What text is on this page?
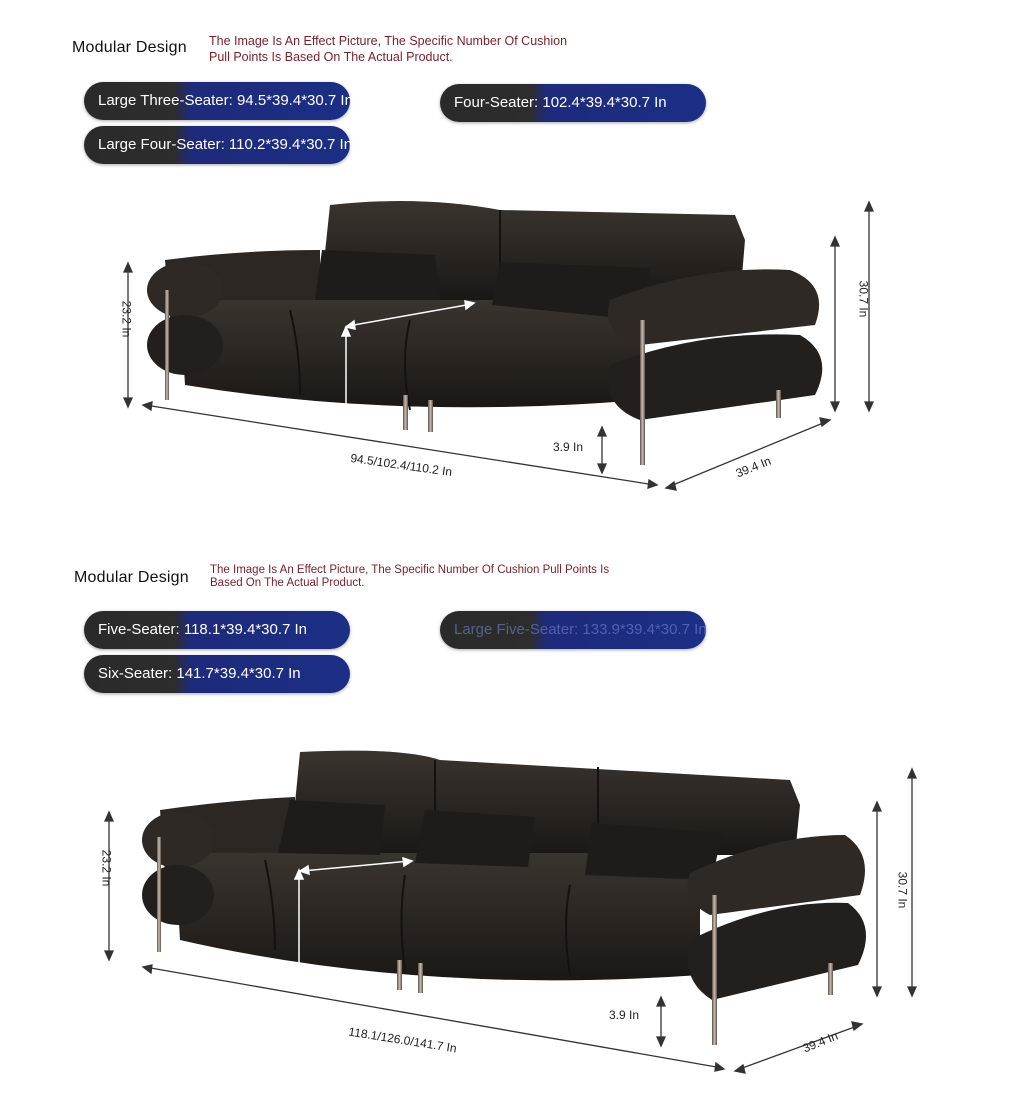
Modular Design The Image Is An Effect Picture, The Specific Number Of Cushion
Pull Points Is Based On The Actual Product.
Large Three-Seater: 94.5*39.4*30.7 In	Four-Seater: 102.4*39.4*30.7 In
Large Four-Seater: 110.2*39.4*30.7 In
94.5/102.4/110.2 In	39.4 In
30.7 In
23.2 In
3.9 In
Modular Design The Image Is An Effect Picture, The Specific Number Of Cushion Pull Points Is
Based On The Actual Product.
Five-Seater: 118.1*39.4*30.7 In	Large Five-Seater: 133.9*39.4*30.7 In
Six-Seater: 141.7*39.4*30.7 In
118.1/126.0/141.7 In	39.4 In
30.7 In
23.2 In
3.9 In
